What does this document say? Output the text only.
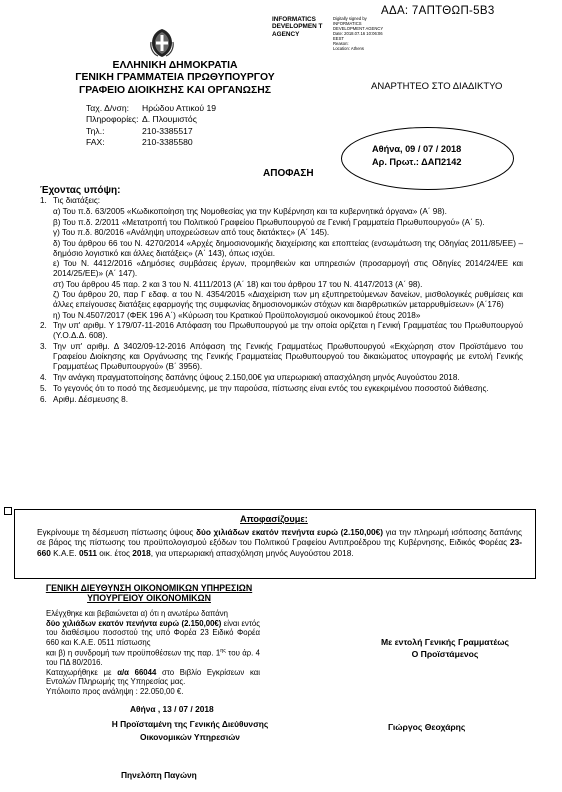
ΑΔΑ: 7ΑΠΤΘΩΠ-5Β3
INFORMATICS DEVELOPMEN T AGENCY
Digitally signed by
INFORMATICS
DEVELOPMENT AGENCY
Date: 2018.07.16 10:06:06
EEST
Reason:
Location: Athens
ΕΛΛΗΝΙΚΗ ΔΗΜΟΚΡΑΤΙΑ
ΓΕΝΙΚΗ ΓΡΑΜΜΑΤΕΙΑ ΠΡΩΘΥΠΟΥΡΓΟΥ
ΓΡΑΦΕΙΟ ΔΙΟΙΚΗΣΗΣ ΚΑΙ ΟΡΓΑΝΩΣΗΣ
Ταχ. Δ/νση:	Ηρώδου Αττικού 19
Πληροφορίες: Δ. Πλουμιστός
Τηλ.:	210-3385517
FAX:	210-3385580
ΑΝΑΡΤΗΤΕΟ ΣΤΟ ΔΙΑΔΙΚΤΥΟ
Αθήνα, 09 / 07 / 2018
Αρ. Πρωτ.: ΔΑΠ2142
ΑΠΟΦΑΣΗ
Έχοντας υπόψη:
1. Τις διατάξεις:
α) Του π.δ. 63/2005 «Κωδικοποίηση της Νομοθεσίας για την Κυβέρνηση και τα κυβερνητικά όργανα» (Α΄ 98).
β) Του π.δ. 2/2011 «Μετατροπή του Πολιτικού Γραφείου Πρωθυπουργού σε Γενική Γραμματεία Πρωθυπουργού» (Α΄ 5).
γ) Του π.δ. 80/2016 «Ανάληψη υποχρεώσεων από τους διατάκτες» (Α΄ 145).
δ) Του άρθρου 66 του Ν. 4270/2014 «Αρχές δημοσιονομικής διαχείρισης και εποπτείας (ενσωμάτωση της Οδηγίας 2011/85/ΕΕ) – δημόσιο λογιστικό και άλλες διατάξεις» (Α΄ 143), όπως ισχύει.
ε) Του Ν. 4412/2016 «Δημόσιες συμβάσεις έργων, προμηθειών και υπηρεσιών (προσαρμογή στις Οδηγίες 2014/24/ΕΕ και 2014/25/ΕΕ)» (Α΄ 147).
στ) Του άρθρου 45 παρ. 2 και 3 του Ν. 4111/2013 (Α΄ 18) και του άρθρου 17 του Ν. 4147/2013 (Α΄ 98).
ζ) Του άρθρου 20, παρ Γ εδαφ. α του Ν. 4354/2015 «Διαχείριση των μη εξυπηρετούμενων δανείων, μισθολογικές ρυθμίσεις και άλλες επείγουσες διατάξεις εφαρμογής της συμφωνίας δημοσιονομικών στόχων και διαρθρωτικών μεταρρυθμίσεων» (Α΄176)
η) Του Ν.4507/2017 (ΦΕΚ 196 Α΄) «Κύρωση του Κρατικού Προϋπολογισμού οικονομικού έτους 2018»
2. Την υπ' αριθμ. Υ 179/07-11-2016 Απόφαση του Πρωθυπουργού με την οποία ορίζεται η Γενική Γραμματέας του Πρωθυπουργού (Υ.Ο.Δ.Δ. 608).
3. Την υπ' αριθμ. Δ 3402/09-12-2016 Απόφαση της Γενικής Γραμματέως Πρωθυπουργού «Εκχώρηση στον Προϊστάμενο του Γραφείου Διοίκησης και Οργάνωσης της Γενικής Γραμματείας Πρωθυπουργού του δικαιώματος υπογραφής με εντολή Γενικής Γραμματέως Πρωθυπουργού» (Β΄ 3956).
4. Την ανάγκη πραγματοποίησης δαπάνης ύψους 2.150,00€ για υπερωριακή απασχόληση μηνός Αυγούστου 2018.
5. Το γεγονός ότι το ποσό της δεσμευόμενης, με την παρούσα, πίστωσης είναι εντός του εγκεκριμένου ποσοστού διάθεσης.
6. Αριθμ. Δέσμευσης 8.
Αποφασίζουμε:
Εγκρίνουμε τη δέσμευση πίστωσης ύψους δύο χιλιάδων εκατόν πενήντα ευρώ (2.150,00€) για την πληρωμή ισόποσης δαπάνης σε βάρος της πίστωσης του προϋπολογισμού εξόδων του Πολιτικού Γραφείου Αντιπροέδρου της Κυβέρνησης, Ειδικός Φορέας 23-660 Κ.Α.Ε. 0511 οικ. έτος 2018, για υπερωριακή απασχόληση μηνός Αυγούστου 2018.
ΓΕΝΙΚΗ ΔΙΕΥΘΥΝΣΗ ΟΙΚΟΝΟΜΙΚΩΝ ΥΠΗΡΕΣΙΩΝ
ΥΠΟΥΡΓΕΙΟΥ ΟΙΚΟΝΟΜΙΚΩΝ
Ελέγχθηκε και βεβαιώνεται α) ότι η ανωτέρω δαπάνη
δύο χιλιάδων εκατόν πενήντα ευρώ (2.150,00€) είναι εντός του διαθέσιμου ποσοστού της υπό Φορέα 23 Ειδικό Φορέα 660 και Κ.Α.Ε. 0511 πίστωσης
και β) η συνδρομή των προϋποθέσεων της παρ. $1^{\eta\varsigma}$ του άρ. 4 του ΠΔ 80/2016.
Καταχωρήθηκε με α/α 66044 στο Βιβλίο Εγκρίσεων και Εντολών Πληρωμής της Υπηρεσίας μας.
Υπόλοιπο προς ανάληψη : 22.050,00 €.
Αθήνα , 13 / 07 / 2018
Η Προϊσταμένη της Γενικής Διεύθυνσης
Οικονομικών Υπηρεσιών
Πηνελόπη Παγώνη
Με εντολή Γενικής Γραμματέως
Ο Προϊστάμενος
Γιώργος Θεοχάρης
